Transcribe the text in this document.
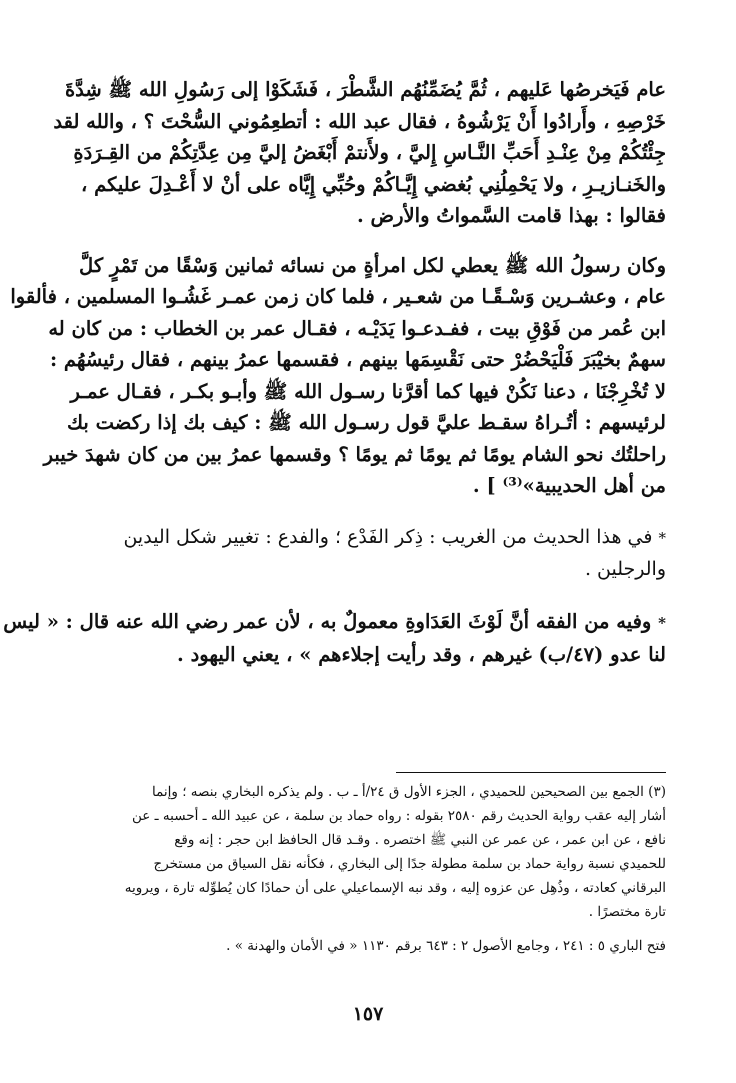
عام فَيَخرصُها عَليهم ، ثُمَّ يُضَمِّنُهُم الشَّطْرَ ، فَشَكَوْا إلى رَسُولِ الله ﷺ شِدَّةَ
خَرْصِهِ ، وأَرادُوا أَنْ يَرْشُوهُ ، فقال عبد الله : أتطعِمُوني السُّحْتَ ؟ ، والله لقد
جِئْتُكُمْ مِنْ عِنْـدِ أَحَبِّ النَّـاسِ إِليَّ ، ولأَنتمْ أَبْغَضُ إليَّ مِن عِدَّتِكُمْ من القِـرَدَةِ
والخَنـازيـرِ ، ولا يَحْمِلُنِي بُغضي إِيَّـاكُمْ وحُبِّي إِيَّاه على أنْ لا أَعْـدِلَ عليكم ،
فقالوا : بهذا قامت السَّمواتُ والأرض .
وكان رسولُ الله ﷺ يعطي لكل امرأةٍ من نسائه ثمانين وَسْقًا من تَمْرٍ كلَّ
عام ، وعشـرين وَسْـقًـا من شعـير ، فلما كان زمن عمـر غَشُـوا المسلمين ، فألقوا
ابن عُمر من فَوْقِ بيت ، ففـدعـوا يَدَيْـه ، فقـال عمر بن الخطاب : من كان له
سهمٌ بخيْبَرَ فَلْيَحْضُرْ حتى نَقْسِمَها بينهم ، فقسمها عمرُ بينهم ، فقال رئيسُهُم :
لا تُخْرِجْنَا ، دعنا نَكُنْ فيها كما أقرَّنا رسـول الله ﷺ وأبـو بكـر ، فقـال عمـر
لرئيسهم : أتُـراهُ سقـط عليَّ قول رسـول الله ﷺ : كيف بك إذا ركضت بك
راحلتُك نحو الشام يومًا ثم يومًا ثم يومًا ؟ وقسمها عمرُ بين من كان شهدَ خيبر
من أهل الحديبية»⁽³⁾ ] .
* في هذا الحديث من الغريب : ذِكر الفَدْع ؛ والفدع : تغيير شكل اليدين
والرجلين .
* وفيه من الفقه أنَّ لَوْثَ العَدَاوةِ معمولٌ به ، لأن عمر رضي الله عنه قال : « ليس
لنا عدو (٤٧/ب) غيرهم ، وقد رأيت إجلاءهم » ، يعني اليهود .
(٣) الجمع بين الصحيحين للحميدي ، الجزء الأول ق ٢٤/أ ـ ب . ولم يذكره البخاري بنصه ؛ وإنما
أشار إليه عقب رواية الحديث رقم ٢٥٨٠ بقوله : رواه حماد بن سلمة ، عن عبيد الله ـ أحسبه ـ عن
نافع ، عن ابن عمر ، عن عمر عن النبي ﷺ اختصره . وقـد قال الحافظ ابن حجر : إنه وقع
للحميدي نسبة رواية حماد بن سلمة مطولة جدًا إلى البخاري ، فكأنه نقل السياق من مستخرج
البرقاني كعادته ، وذُهِل عن عزوه إليه ، وقد نبه الإسماعيلي على أن حمادًا كان يُطوِّله تارة ، ويرويه
تارة مختصرًا .
فتح الباري ٥ : ٢٤١ ، وجامع الأصول ٢ : ٦٤٣ برقم ١١٣٠ « في الأمان والهدنة » .
١٥٧
